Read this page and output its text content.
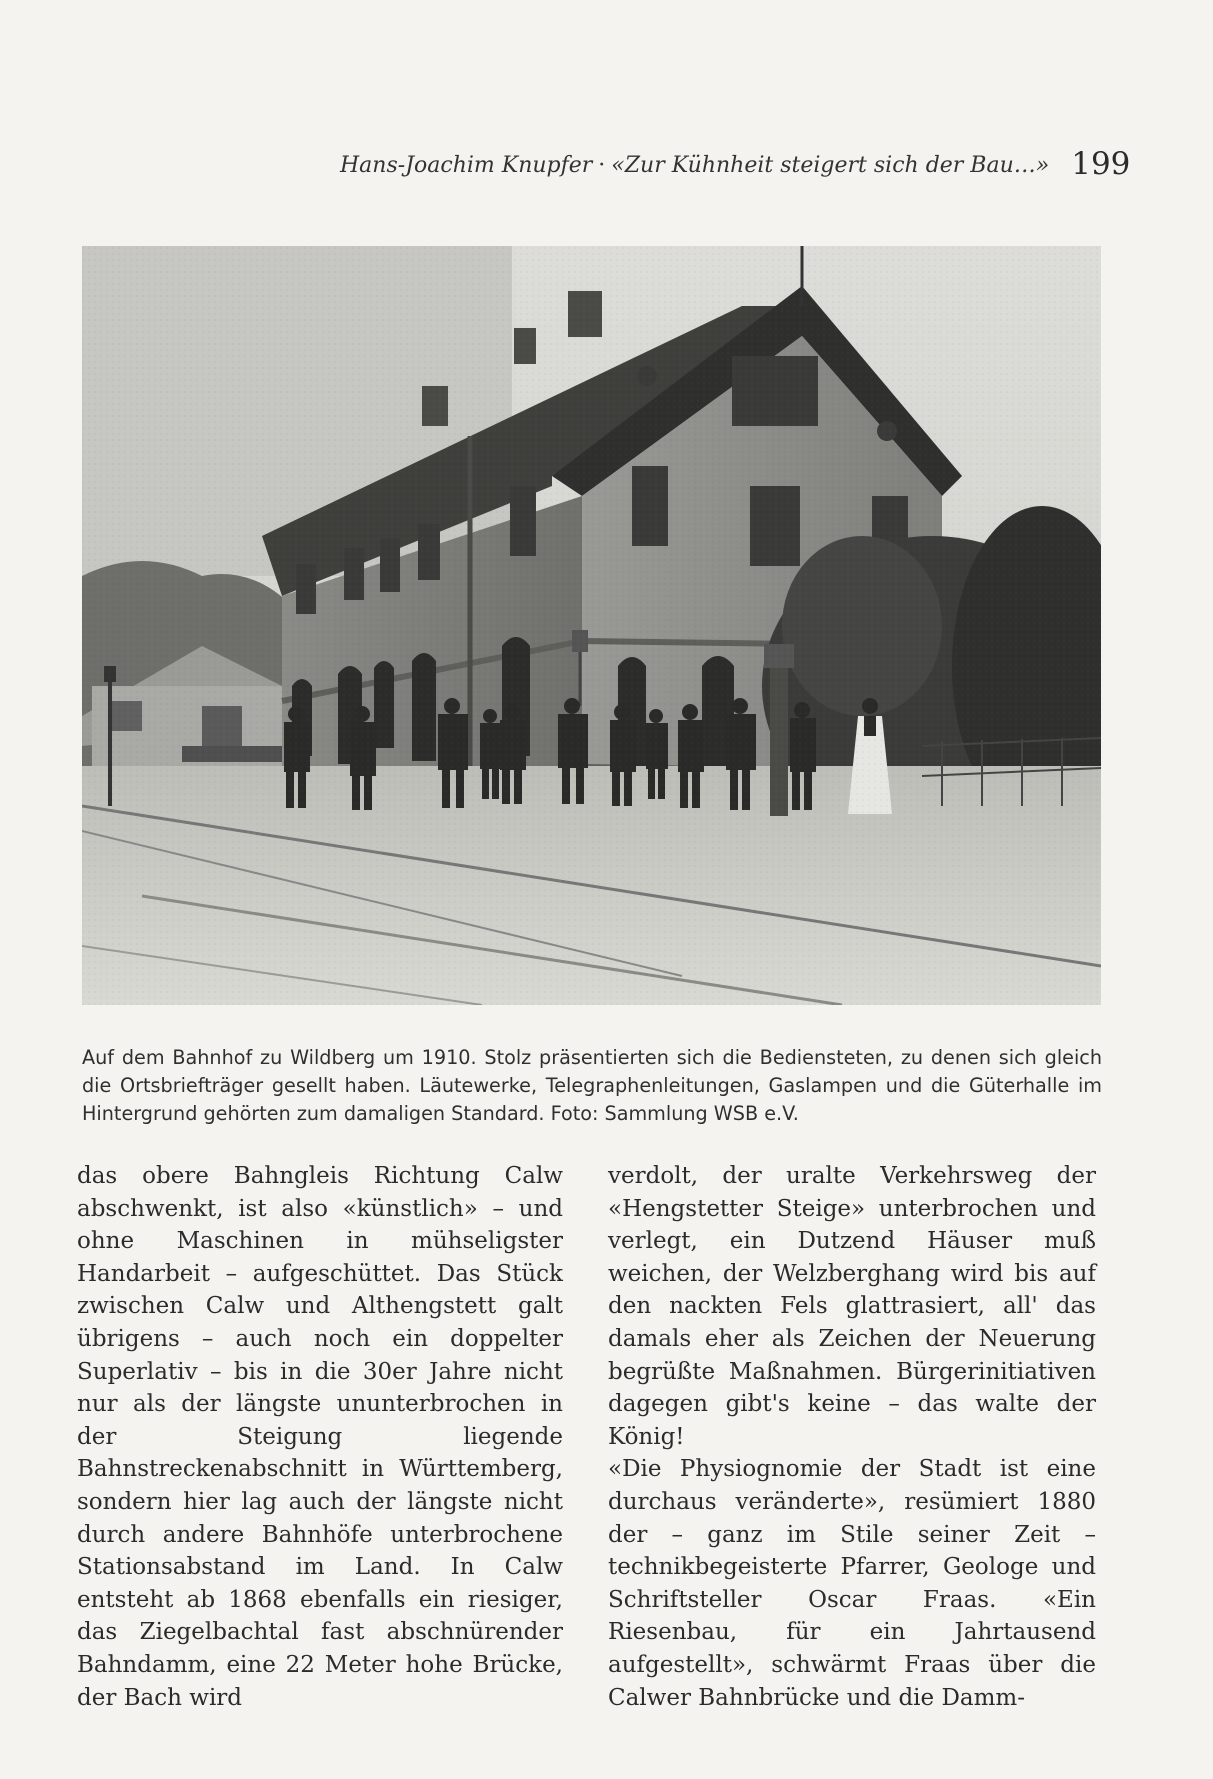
Hans-Joachim Knupfer · «Zur Kühnheit steigert sich der Bau…» 199

Auf dem Bahnhof zu Wildberg um 1910. Stolz präsentierten sich die Bediensteten, zu denen sich gleich die Ortsbriefträger gesellt haben. Läutewerke, Telegraphenleitungen, Gaslampen und die Güterhalle im Hintergrund gehörten zum damaligen Standard. Foto: Sammlung WSB e.V.

das obere Bahngleis Richtung Calw abschwenkt, ist also «künstlich» – und ohne Maschinen in mühseligster Handarbeit – aufgeschüttet. Das Stück zwischen Calw und Althengstett galt übrigens – auch noch ein doppelter Superlativ – bis in die 30er Jahre nicht nur als der längste ununterbrochen in der Steigung liegende Bahnstreckenabschnitt in Württemberg, sondern hier lag auch der längste nicht durch andere Bahnhöfe unterbrochene Stationsabstand im Land. In Calw entsteht ab 1868 ebenfalls ein riesiger, das Ziegelbachtal fast abschnürender Bahndamm, eine 22 Meter hohe Brücke, der Bach wird

verdolt, der uralte Verkehrsweg der «Hengstetter Steige» unterbrochen und verlegt, ein Dutzend Häuser muß weichen, der Welzberghang wird bis auf den nackten Fels glattrasiert, all' das damals eher als Zeichen der Neuerung begrüßte Maßnahmen. Bürgerinitiativen dagegen gibt's keine – das walte der König!

«Die Physiognomie der Stadt ist eine durchaus veränderte», resümiert 1880 der – ganz im Stile seiner Zeit – technikbegeisterte Pfarrer, Geologe und Schriftsteller Oscar Fraas. «Ein Riesenbau, für ein Jahrtausend aufgestellt», schwärmt Fraas über die Calwer Bahnbrücke und die Damm-
